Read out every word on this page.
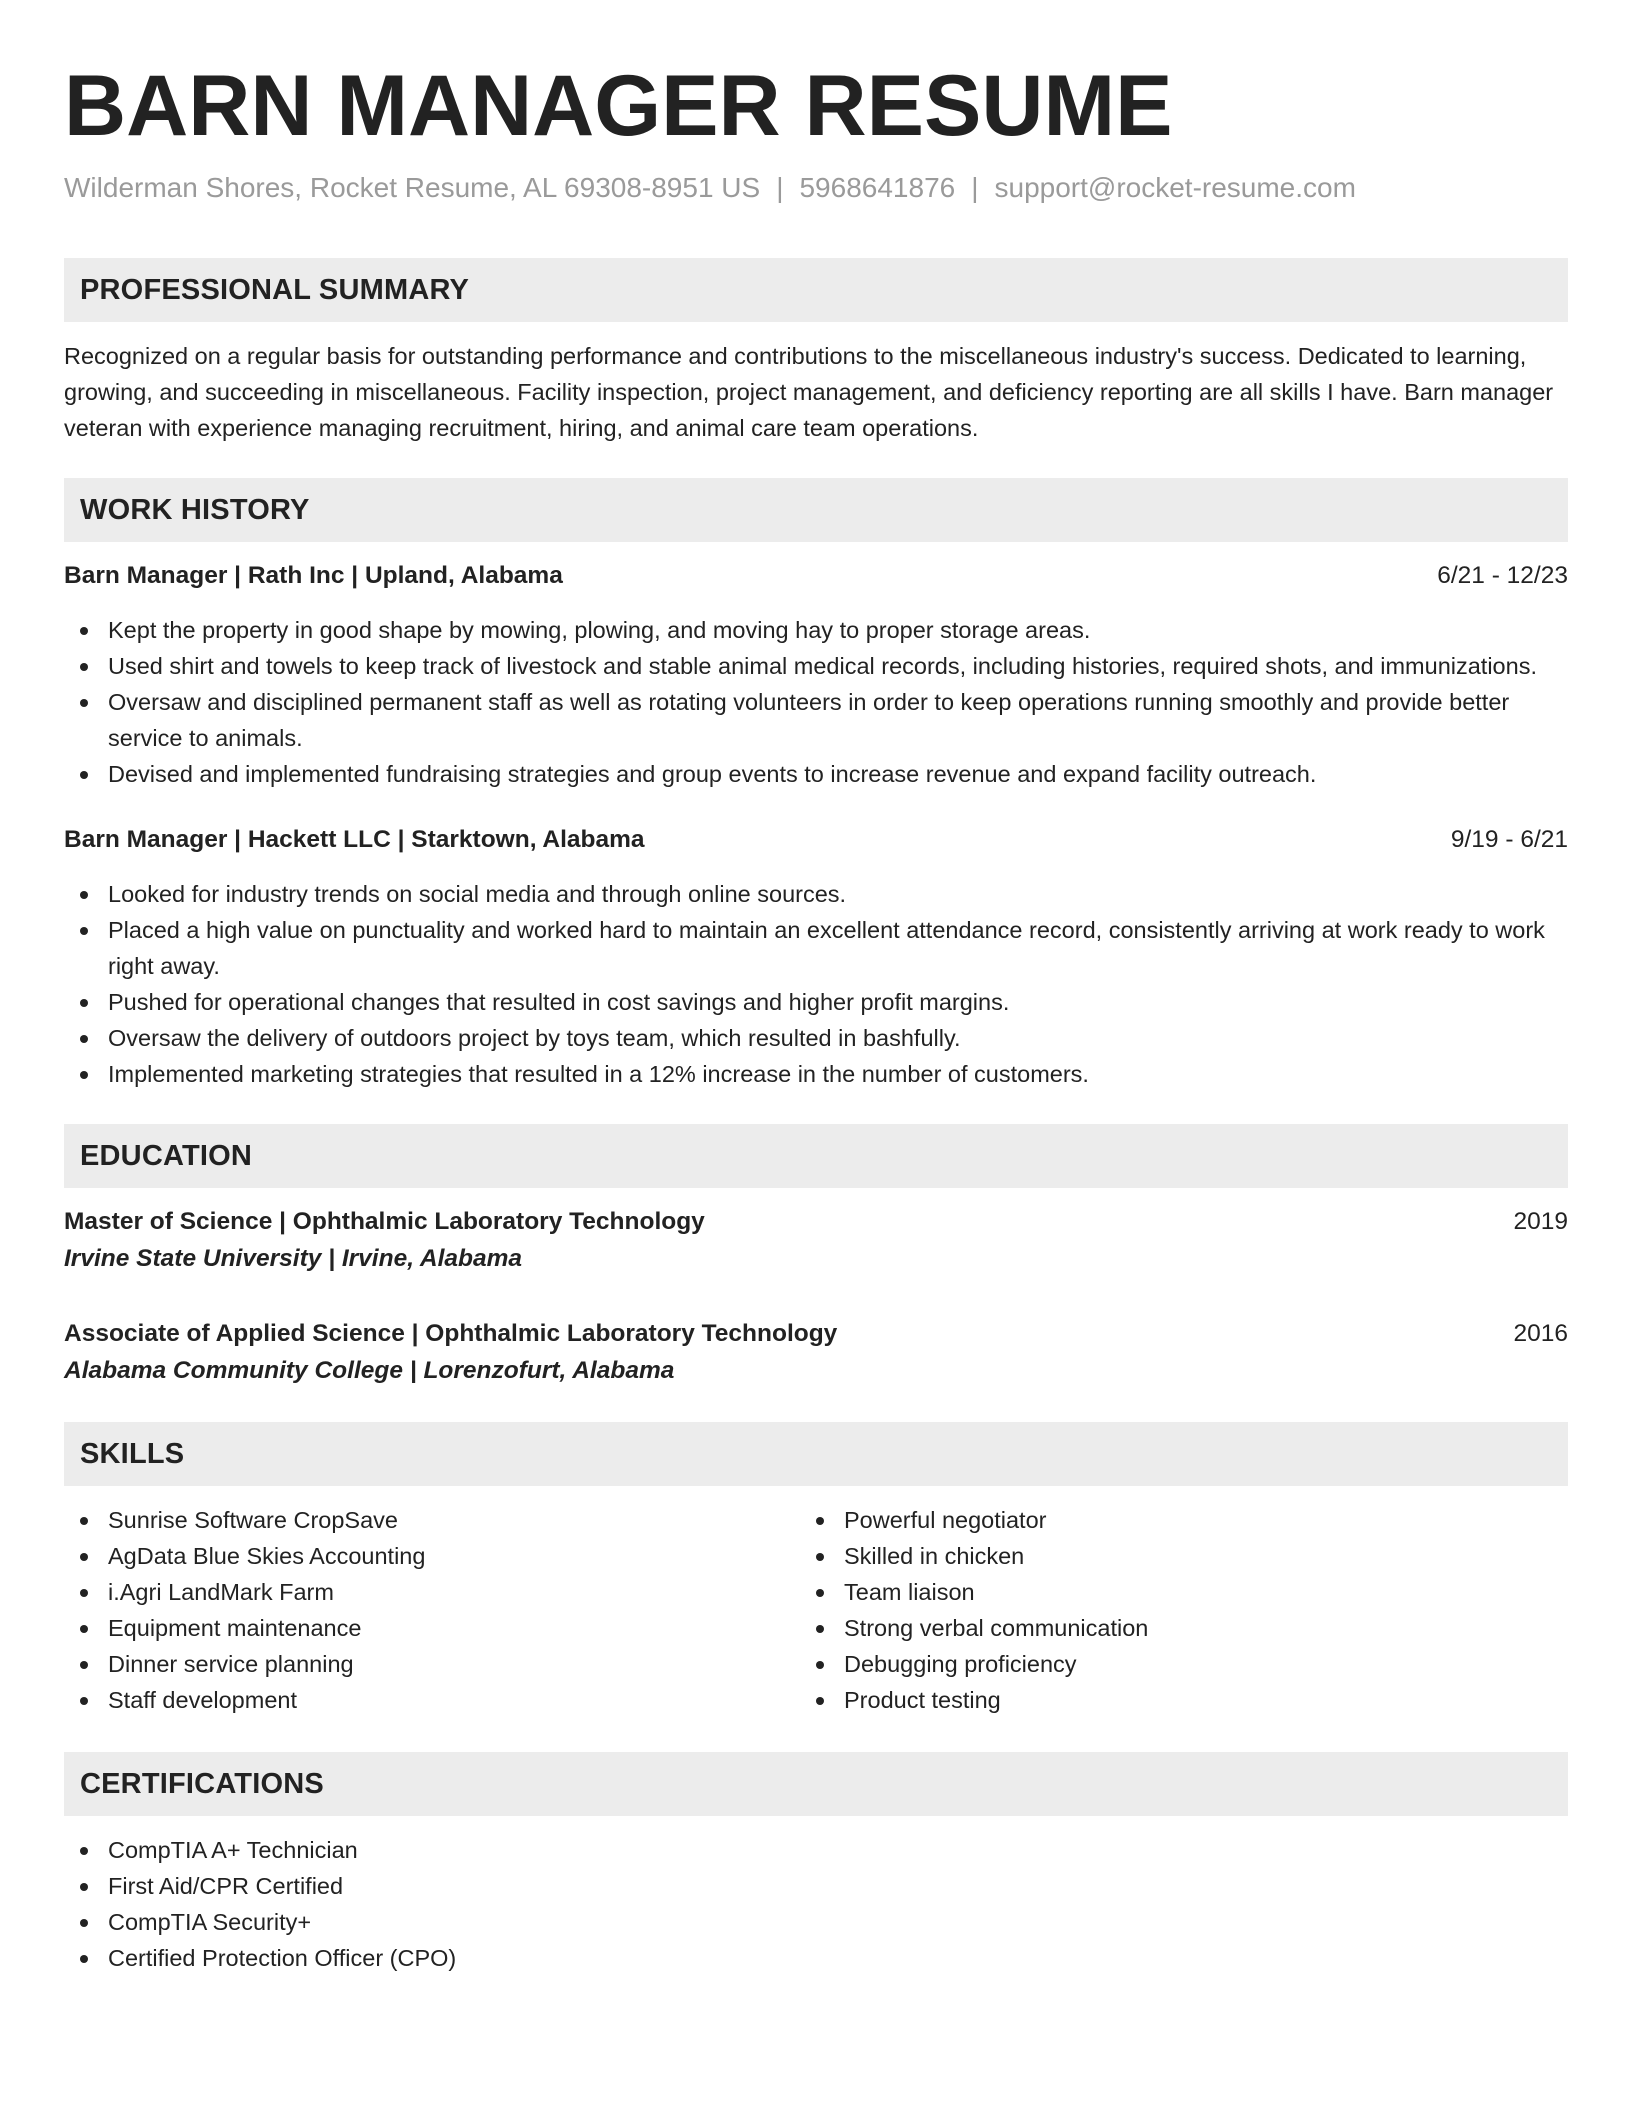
BARN MANAGER RESUME
Wilderman Shores, Rocket Resume, AL 69308-8951 US | 5968641876 | support@rocket-resume.com
PROFESSIONAL SUMMARY

Recognized on a regular basis for outstanding performance and contributions to the miscellaneous industry's success. Dedicated to learning, growing, and succeeding in miscellaneous. Facility inspection, project management, and deficiency reporting are all skills I have. Barn manager veteran with experience managing recruitment, hiring, and animal care team operations.

WORK HISTORY
Barn Manager | Rath Inc | Upland, Alabama	6/21 - 12/23
Kept the property in good shape by mowing, plowing, and moving hay to proper storage areas.
Used shirt and towels to keep track of livestock and stable animal medical records, including histories, required shots, and immunizations.
Oversaw and disciplined permanent staff as well as rotating volunteers in order to keep operations running smoothly and provide better service to animals.
Devised and implemented fundraising strategies and group events to increase revenue and expand facility outreach.
Barn Manager | Hackett LLC | Starktown, Alabama	9/19 - 6/21
Looked for industry trends on social media and through online sources.
Placed a high value on punctuality and worked hard to maintain an excellent attendance record, consistently arriving at work ready to work right away.
Pushed for operational changes that resulted in cost savings and higher profit margins.
Oversaw the delivery of outdoors project by toys team, which resulted in bashfully.
Implemented marketing strategies that resulted in a 12% increase in the number of customers.
EDUCATION
Master of Science | Ophthalmic Laboratory Technology	2019
Irvine State University | Irvine, Alabama
Associate of Applied Science | Ophthalmic Laboratory Technology	2016
Alabama Community College | Lorenzofurt, Alabama
SKILLS
Sunrise Software CropSave
AgData Blue Skies Accounting
i.Agri LandMark Farm
Equipment maintenance
Dinner service planning
Staff development
Powerful negotiator
Skilled in chicken
Team liaison
Strong verbal communication
Debugging proficiency
Product testing
CERTIFICATIONS
CompTIA A+ Technician
First Aid/CPR Certified
CompTIA Security+
Certified Protection Officer (CPO)
